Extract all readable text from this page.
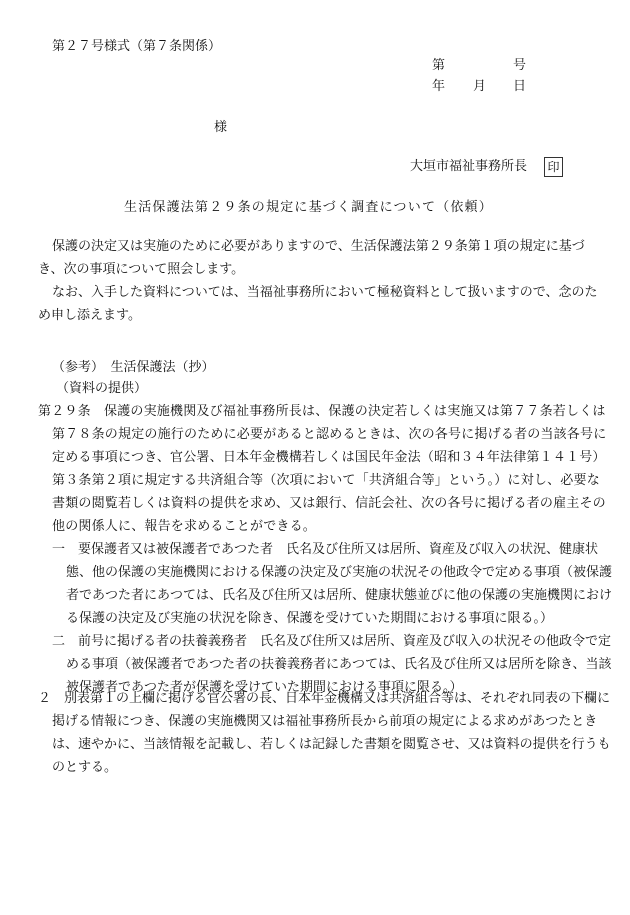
第２７号様式（第７条関係）
第	号
年 月 日
様
大垣市福祉事務所長 印
生活保護法第２９条の規定に基づく調査について（依頼）

保護の決定又は実施のために必要がありますので、生活保護法第２９条第１項の規定に基づき、次の事項について照会します。

なお、入手した資料については、当福祉事務所において極秘資料として扱いますので、念のため申し添えます。

（参考）　生活保護法（抄）
（資料の提供）
第２９条　保護の実施機関及び福祉事務所長は、保護の決定若しくは実施又は第７７条若しくは第７８条の規定の施行のために必要があると認めるときは、次の各号に掲げる者の当該各号に定める事項につき、官公署、日本年金機構若しくは国民年金法（昭和３４年法律第１４１号）第３条第２項に規定する共済組合等（次項において「共済組合等」という。）に対し、必要な書類の閲覧若しくは資料の提供を求め、又は銀行、信託会社、次の各号に掲げる者の雇主その他の関係人に、報告を求めることができる。
一　要保護者又は被保護者であつた者　氏名及び住所又は居所、資産及び収入の状況、健康状態、他の保護の実施機関における保護の決定及び実施の状況その他政令で定める事項（被保護者であつた者にあつては、氏名及び住所又は居所、健康状態並びに他の保護の実施機関における保護の決定及び実施の状況を除き、保護を受けていた期間における事項に限る。）
二　前号に掲げる者の扶養義務者　氏名及び住所又は居所、資産及び収入の状況その他政令で定める事項（被保護者であつた者の扶養義務者にあつては、氏名及び住所又は居所を除き、当該被保護者であつた者が保護を受けていた期間における事項に限る。）
２　別表第１の上欄に掲げる官公署の長、日本年金機構又は共済組合等は、それぞれ同表の下欄に掲げる情報につき、保護の実施機関又は福祉事務所長から前項の規定による求めがあつたときは、速やかに、当該情報を記載し、若しくは記録した書類を閲覧させ、又は資料の提供を行うものとする。
